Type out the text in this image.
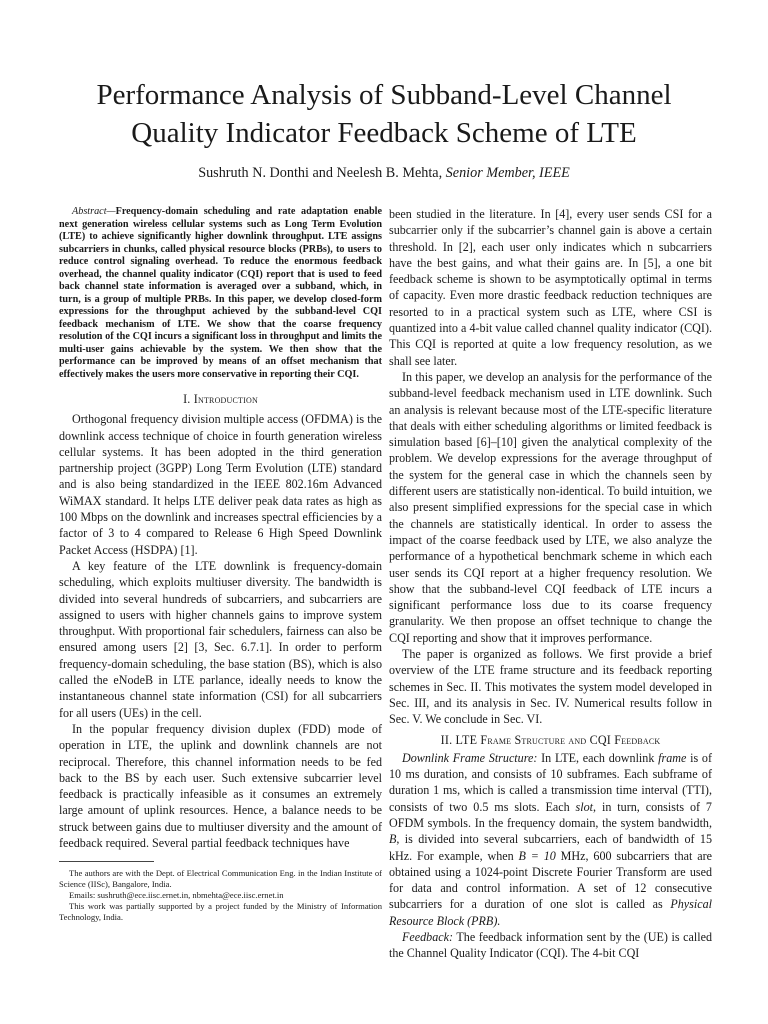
Performance Analysis of Subband-Level Channel Quality Indicator Feedback Scheme of LTE
Sushruth N. Donthi and Neelesh B. Mehta, Senior Member, IEEE

Abstract—Frequency-domain scheduling and rate adaptation enable next generation wireless cellular systems such as Long Term Evolution (LTE) to achieve significantly higher downlink throughput. LTE assigns subcarriers in chunks, called physical resource blocks (PRBs), to users to reduce control signaling overhead. To reduce the enormous feedback overhead, the channel quality indicator (CQI) report that is used to feed back channel state information is averaged over a subband, which, in turn, is a group of multiple PRBs. In this paper, we develop closed-form expressions for the throughput achieved by the subband-level CQI feedback mechanism of LTE. We show that the coarse frequency resolution of the CQI incurs a significant loss in throughput and limits the multi-user gains achievable by the system. We then show that the performance can be improved by means of an offset mechanism that effectively makes the users more conservative in reporting their CQI.

I. Introduction

Orthogonal frequency division multiple access (OFDMA) is the downlink access technique of choice in fourth generation wireless cellular systems. It has been adopted in the third generation partnership project (3GPP) Long Term Evolution (LTE) standard and is also being standardized in the IEEE 802.16m Advanced WiMAX standard. It helps LTE deliver peak data rates as high as 100 Mbps on the downlink and increases spectral efficiencies by a factor of 3 to 4 compared to Release 6 High Speed Downlink Packet Access (HSDPA) [1].

A key feature of the LTE downlink is frequency-domain scheduling, which exploits multiuser diversity. The bandwidth is divided into several hundreds of subcarriers, and subcarriers are assigned to users with higher channels gains to improve system throughput. With proportional fair schedulers, fairness can also be ensured among users [2] [3, Sec. 6.7.1]. In order to perform frequency-domain scheduling, the base station (BS), which is also called the eNodeB in LTE parlance, ideally needs to know the instantaneous channel state information (CSI) for all subcarriers for all users (UEs) in the cell.

In the popular frequency division duplex (FDD) mode of operation in LTE, the uplink and downlink channels are not reciprocal. Therefore, this channel information needs to be fed back to the BS by each user. Such extensive subcarrier level feedback is practically infeasible as it consumes an extremely large amount of uplink resources. Hence, a balance needs to be struck between gains due to multiuser diversity and the amount of feedback required. Several partial feedback techniques have

The authors are with the Dept. of Electrical Communication Eng. in the Indian Institute of Science (IISc), Bangalore, India.

Emails: sushruth@ece.iisc.ernet.in, nbmehta@ece.iisc.ernet.in

This work was partially supported by a project funded by the Ministry of Information Technology, India.

been studied in the literature. In [4], every user sends CSI for a subcarrier only if the subcarrier’s channel gain is above a certain threshold. In [2], each user only indicates which n subcarriers have the best gains, and what their gains are. In [5], a one bit feedback scheme is shown to be asymptotically optimal in terms of capacity. Even more drastic feedback reduction techniques are resorted to in a practical system such as LTE, where CSI is quantized into a 4-bit value called channel quality indicator (CQI). This CQI is reported at quite a low frequency resolution, as we shall see later.

In this paper, we develop an analysis for the performance of the subband-level feedback mechanism used in LTE downlink. Such an analysis is relevant because most of the LTE-specific literature that deals with either scheduling algorithms or limited feedback is simulation based [6]–[10] given the analytical complexity of the problem. We develop expressions for the average throughput of the system for the general case in which the channels seen by different users are statistically non-identical. To build intuition, we also present simplified expressions for the special case in which the channels are statistically identical. In order to assess the impact of the coarse feedback used by LTE, we also analyze the performance of a hypothetical benchmark scheme in which each user sends its CQI report at a higher frequency resolution. We show that the subband-level CQI feedback of LTE incurs a significant performance loss due to its coarse frequency granularity. We then propose an offset technique to change the CQI reporting and show that it improves performance.

The paper is organized as follows. We first provide a brief overview of the LTE frame structure and its feedback reporting schemes in Sec. II. This motivates the system model developed in Sec. III, and its analysis in Sec. IV. Numerical results follow in Sec. V. We conclude in Sec. VI.

II. LTE Frame Structure and CQI Feedback

Downlink Frame Structure: In LTE, each downlink frame is of 10 ms duration, and consists of 10 subframes. Each subframe of duration 1 ms, which is called a transmission time interval (TTI), consists of two 0.5 ms slots. Each slot, in turn, consists of 7 OFDM symbols. In the frequency domain, the system bandwidth, B, is divided into several subcarriers, each of bandwidth of 15 kHz. For example, when B = 10 MHz, 600 subcarriers that are obtained using a 1024-point Discrete Fourier Transform are used for data and control information. A set of 12 consecutive subcarriers for a duration of one slot is called as Physical Resource Block (PRB).

Feedback: The feedback information sent by the (UE) is called the Channel Quality Indicator (CQI). The 4-bit CQI
